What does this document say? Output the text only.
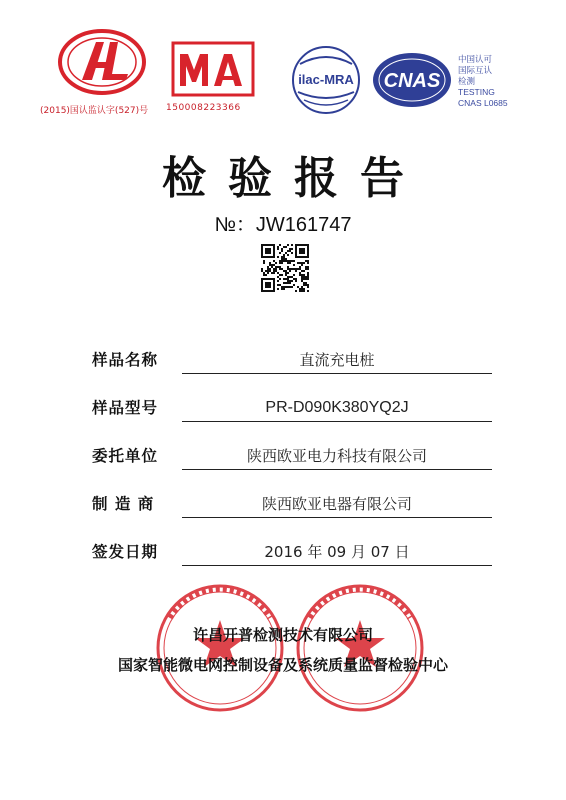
(2015)国认监认字(527)号 150008223366
ilac-MRA CNAS
中国认可
国际互认
检测
TESTING
CNAS L0685
检验报告
№：JW161747
样品名称	直流充电桩
样品型号	PR-D090K380YQ2J
委托单位	陕西欧亚电力科技有限公司
制 造 商	陕西欧亚电器有限公司
签发日期	2016 年 09 月 07 日
许昌开普检测技术有限公司
国家智能微电网控制设备及系统质量监督检验中心
